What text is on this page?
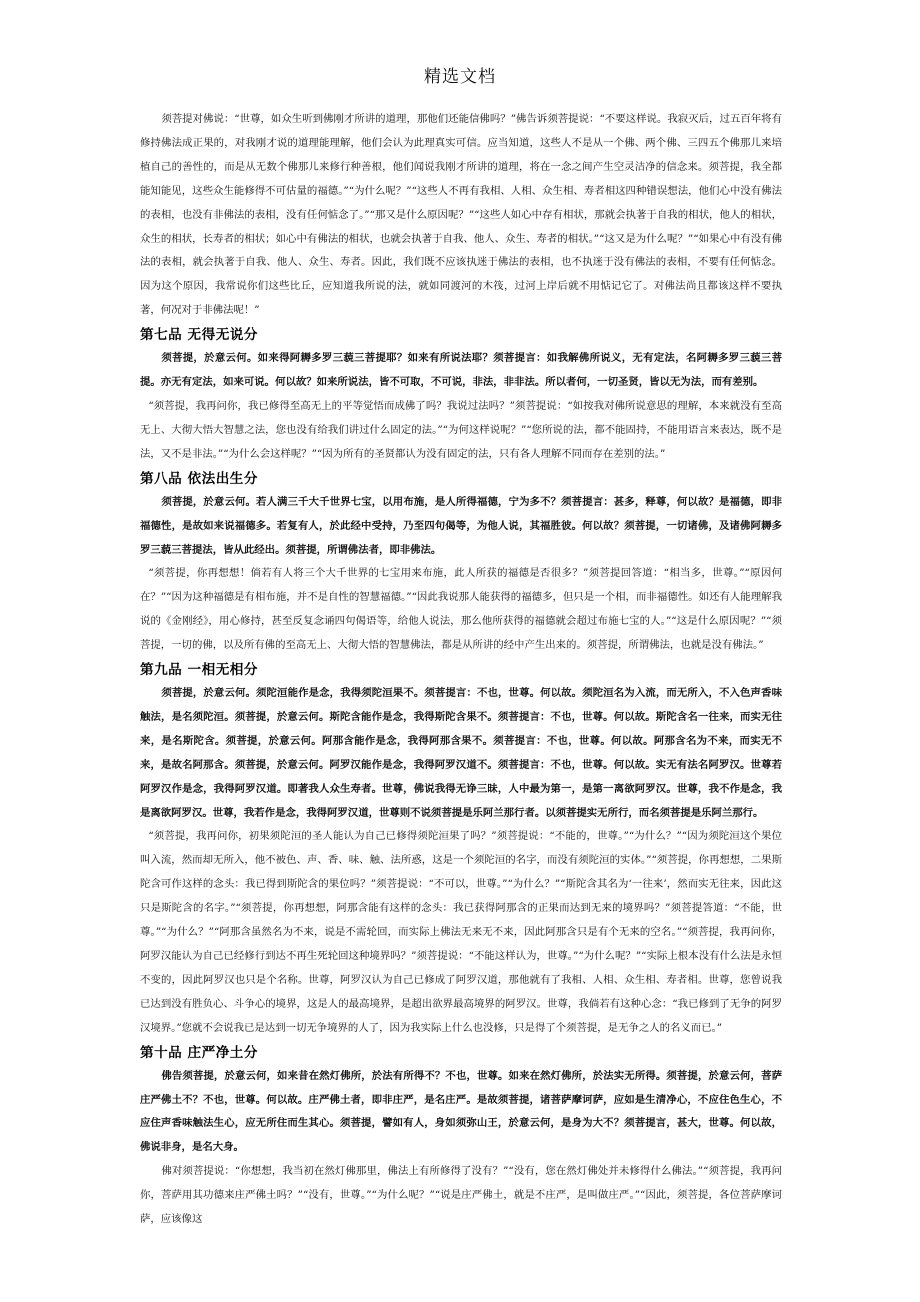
精选文档

须菩提对佛说：“世尊，如众生听到佛刚才所讲的道理，那他们还能信佛吗？”佛告诉须菩提说：“不要这样说。我寂灭后，过五百年将有修持佛法成正果的，对我刚才说的道理能理解，他们会认为此理真实可信。应当知道，这些人不是从一个佛、两个佛、三四五个佛那儿来培植自己的善性的，而是从无数个佛那儿来修行种善根，他们闻说我刚才所讲的道理，将在一念之间产生空灵洁净的信念来。须菩提，我全都能知能见，这些众生能修得不可估量的福德。”“为什么呢？”“这些人不再有我相、人相、众生相、寿者相这四种错误想法，他们心中没有佛法的表相，也没有非佛法的表相，没有任何惦念了。”“那又是什么原因呢？”“这些人如心中存有相状，那就会执著于自我的相状，他人的相状，众生的相状，长寿者的相状；如心中有佛法的相状，也就会执著于自我、他人、众生、寿者的相状。”“这又是为什么呢？”“如果心中有没有佛法的表相，就会执著于自我、他人、众生、寿者。因此，我们既不应该执迷于佛法的表相，也不执迷于没有佛法的表相，不要有任何惦念。因为这个原因，我常说你们这些比丘，应知道我所说的法，就如同渡河的木筏，过河上岸后就不用惦记它了。对佛法尚且都该这样不要执著，何况对于非佛法呢！”

第七品 无得无说分

须菩提，於意云何。如来得阿耨多罗三藐三菩提耶？如来有所说法耶？须菩提言：如我解佛所说义，无有定法，名阿耨多罗三藐三菩提。亦无有定法，如来可说。何以故？如来所说法，皆不可取，不可说，非法，非非法。所以者何，一切圣贤，皆以无为法，而有差别。

“须菩提，我再问你，我已修得至高无上的平等觉悟而成佛了吗？我说过法吗？”须菩提说：“如按我对佛所说意思的理解，本来就没有至高无上、大彻大悟大智慧之法，您也没有给我们讲过什么固定的法。”“为何这样说呢？”“您所说的法，都不能固持，不能用语言来表达，既不是法，又不是非法。”“为什么会这样呢？”“因为所有的圣贤都认为没有固定的法，只有各人理解不同而存在差别的法。”

第八品 依法出生分

须菩提，於意云何。若人满三千大千世界七宝，以用布施，是人所得福德，宁为多不？须菩提言：甚多，释尊，何以故？是福德，即非福德性，是故如来说福德多。若复有人，於此经中受持，乃至四句偈等，为他人说，其福胜彼。何以故？须菩提，一切诸佛，及诸佛阿耨多罗三藐三菩提法，皆从此经出。须菩提，所谓佛法者，即非佛法。

“须菩提，你再想想！倘若有人将三个大千世界的七宝用来布施，此人所获的福德是否很多？”须菩提回答道：“相当多，世尊。”“原因何在？”“因为这种福德是有相布施，并不是自性的智慧福德。”“因此我说那人能获得的福德多，但只是一个相，而非福德性。如还有人能理解我说的《金刚经》，用心修持，甚至反复念诵四句偈语等，给他人说法，那么他所获得的福德就会超过布施七宝的人。”“这是什么原因呢？”“须菩提，一切的佛，以及所有佛的至高无上、大彻大悟的智慧佛法，都是从所讲的经中产生出来的。须菩提，所谓佛法，也就是没有佛法。”

第九品 一相无相分

须菩提，於意云何。须陀洹能作是念，我得须陀洹果不。须菩提言：不也，世尊。何以故。须陀洹名为入流，而无所入，不入色声香味触法，是名须陀洹。须菩提，於意云何。斯陀含能作是念，我得斯陀含果不。须菩提言：不也，世尊。何以故。斯陀含名一往来，而实无往来，是名斯陀含。须菩提，於意云何。阿那含能作是念，我得阿那含果不。须菩提言：不也，世尊。何以故。阿那含名为不来，而实无不来，是故名阿那含。须菩提，於意云何。阿罗汉能作是念，我得阿罗汉道不。须菩提言：不也，世尊。何以故。实无有法名阿罗汉。世尊若阿罗汉作是念，我得阿罗汉道。即著我人众生寿者。世尊，佛说我得无诤三昧，人中最为第一，是第一离欲阿罗汉。世尊，我不作是念，我是离欲阿罗汉。世尊，我若作是念，我得阿罗汉道，世尊则不说须菩提是乐阿兰那行者。以须菩提实无所行，而名须菩提是乐阿兰那行。

“须菩提，我再问你，初果须陀洹的圣人能认为自己已修得须陀洹果了吗？”须菩提说：“不能的，世尊。”“为什么？”“因为须陀洹这个果位叫入流，然而却无所入，他不被色、声、香、味、触、法所惑，这是一个须陀洹的名字，而没有须陀洹的实体。”“须菩提，你再想想，二果斯陀含可作这样的念头：我已得到斯陀含的果位吗？”须菩提说：“不可以，世尊。”“为什么？”“斯陀含其名为‘一往来’，然而实无往来，因此这只是斯陀含的名字。”“须菩提，你再想想，阿那含能有这样的念头：我已获得阿那含的正果而达到无来的境界吗？”须菩提答道：“不能，世尊。”“为什么？”“阿那含虽然名为不来，说是不需轮回，而实际上佛法无来无不来，因此阿那含只是有个无来的空名。”“须菩提，我再问你，阿罗汉能认为自己已经修行到达不再生死轮回这种境界吗？”须菩提说：“不能这样认为，世尊。”“为什么呢？”“实际上根本没有什么法是永恒不变的，因此阿罗汉也只是个名称。世尊，阿罗汉认为自己已修成了阿罗汉道，那他就有了我相、人相、众生相、寿者相。世尊，您曾说我已达到没有胜负心、斗争心的境界，这是人的最高境界，是超出欲界最高境界的阿罗汉。世尊，我倘若有这种心念：“我已修到了无争的阿罗汉境界。”您就不会说我已是达到一切无争境界的人了，因为我实际上什么也没修，只是得了个须菩提，是无争之人的名义而已。”

第十品 庄严净土分

佛告须菩提，於意云何，如来昔在然灯佛所，於法有所得不？不也，世尊。如来在然灯佛所，於法实无所得。须菩提，於意云何，菩萨庄严佛土不？不也，世尊。何以故。庄严佛土者，即非庄严，是名庄严。是故须菩提，诸菩萨摩诃萨，应如是生清净心，不应住色生心，不应住声香味触法生心，应无所住而生其心。须菩提，譬如有人，身如须弥山王，於意云何，是身为大不？须菩提言，甚大，世尊。何以故，佛说非身，是名大身。

佛对须菩提说：“你想想，我当初在然灯佛那里，佛法上有所修得了没有？”“没有，您在然灯佛处并未修得什么佛法。”“须菩提，我再问你，菩萨用其功德来庄严佛土吗？”“没有，世尊。”“为什么呢？”“说是庄严佛土，就是不庄严，是叫做庄严。”“因此，须菩提，各位菩萨摩诃萨，应该像这
